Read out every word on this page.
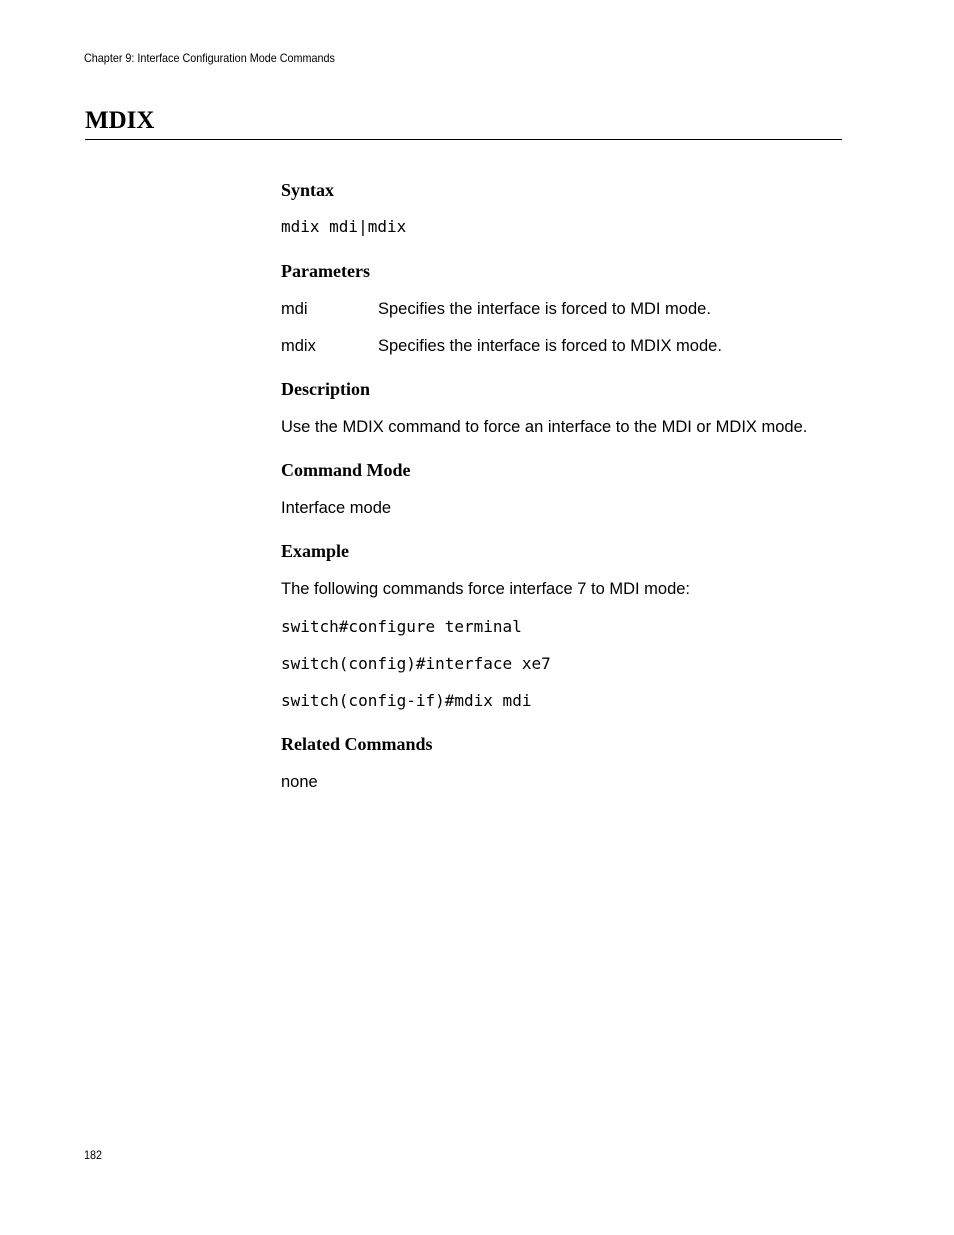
Chapter 9: Interface Configuration Mode Commands
MDIX
Syntax
mdix mdi|mdix
Parameters
mdi	Specifies the interface is forced to MDI mode.
mdix	Specifies the interface is forced to MDIX mode.
Description
Use the MDIX command to force an interface to the MDI or MDIX mode.
Command Mode
Interface mode
Example
The following commands force interface 7 to MDI mode:
switch#configure terminal
switch(config)#interface xe7
switch(config-if)#mdix mdi
Related Commands
none
182
